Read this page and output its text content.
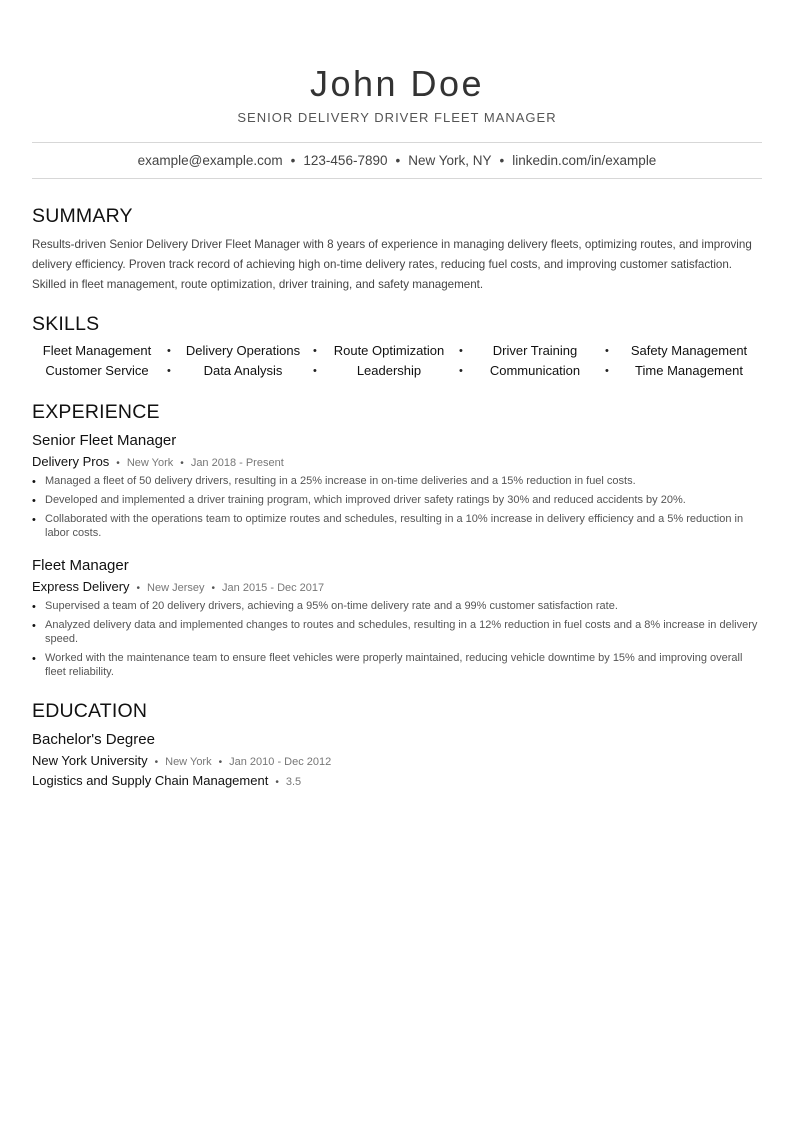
John Doe
SENIOR DELIVERY DRIVER FLEET MANAGER
example@example.com • 123-456-7890 • New York, NY • linkedin.com/in/example
SUMMARY
Results-driven Senior Delivery Driver Fleet Manager with 8 years of experience in managing delivery fleets, optimizing routes, and improving delivery efficiency. Proven track record of achieving high on-time delivery rates, reducing fuel costs, and improving customer satisfaction. Skilled in fleet management, route optimization, driver training, and safety management.
SKILLS
Fleet Management	•	Delivery Operations	•	Route Optimization	•	Driver Training	•	Safety Management
Customer Service	•	Data Analysis	•	Leadership	•	Communication	•	Time Management
EXPERIENCE
Senior Fleet Manager
Delivery Pros • New York • Jan 2018 - Present
• Managed a fleet of 50 delivery drivers, resulting in a 25% increase in on-time deliveries and a 15% reduction in fuel costs.
• Developed and implemented a driver training program, which improved driver safety ratings by 30% and reduced accidents by 20%.
• Collaborated with the operations team to optimize routes and schedules, resulting in a 10% increase in delivery efficiency and a 5% reduction in labor costs.
Fleet Manager
Express Delivery • New Jersey • Jan 2015 - Dec 2017
• Supervised a team of 20 delivery drivers, achieving a 95% on-time delivery rate and a 99% customer satisfaction rate.
• Analyzed delivery data and implemented changes to routes and schedules, resulting in a 12% reduction in fuel costs and a 8% increase in delivery speed.
• Worked with the maintenance team to ensure fleet vehicles were properly maintained, reducing vehicle downtime by 15% and improving overall fleet reliability.
EDUCATION
Bachelor's Degree
New York University • New York • Jan 2010 - Dec 2012
Logistics and Supply Chain Management • 3.5
